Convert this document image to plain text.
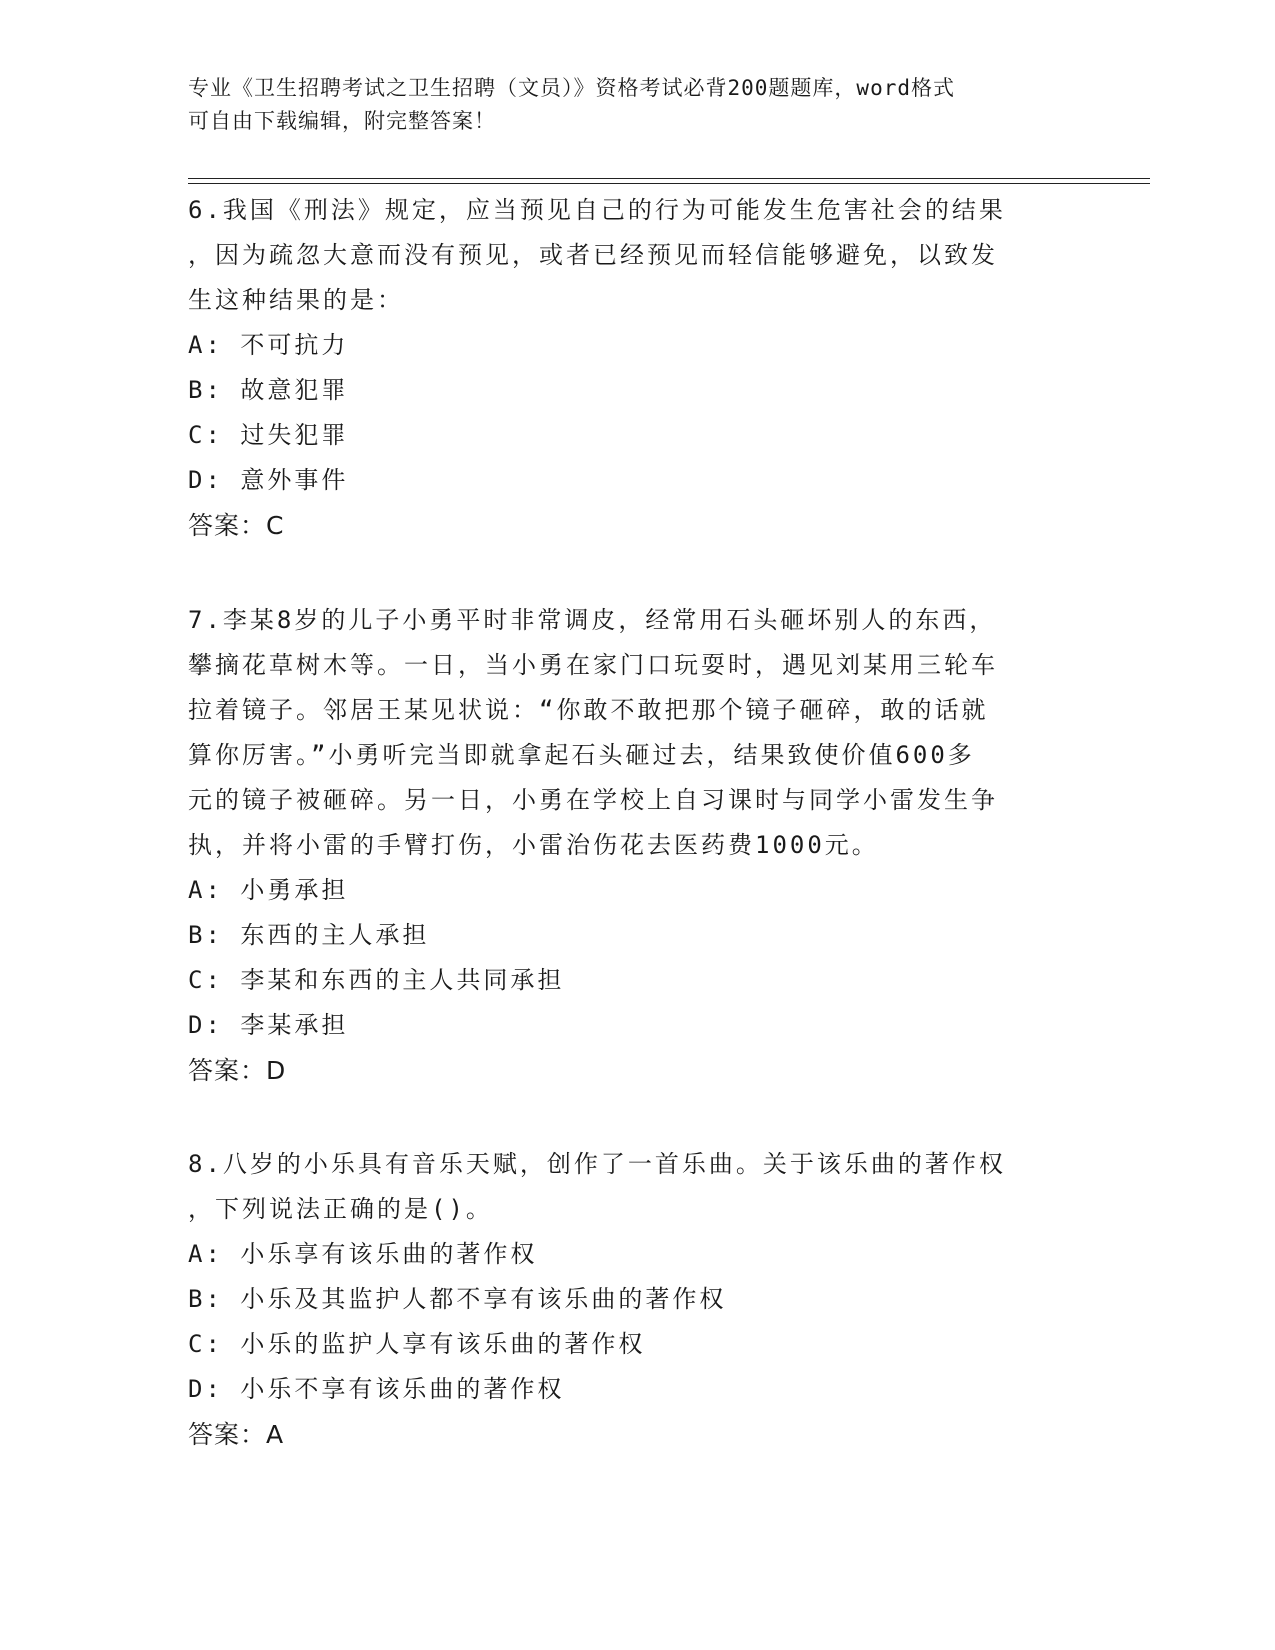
专业《卫生招聘考试之卫生招聘（文员）》资格考试必背200题题库，word格式
可自由下载编辑，附完整答案！

6.我国《刑法》规定，应当预见自己的行为可能发生危害社会的结果

，因为疏忽大意而没有预见，或者已经预见而轻信能够避免，以致发

生这种结果的是：

A: 不可抗力

B: 故意犯罪

C: 过失犯罪

D: 意外事件

答案：C

7.李某8岁的儿子小勇平时非常调皮，经常用石头砸坏别人的东西，

攀摘花草树木等。一日，当小勇在家门口玩耍时，遇见刘某用三轮车

拉着镜子。邻居王某见状说：“你敢不敢把那个镜子砸碎，敢的话就

算你厉害。”小勇听完当即就拿起石头砸过去，结果致使价值600多

元的镜子被砸碎。另一日，小勇在学校上自习课时与同学小雷发生争

执，并将小雷的手臂打伤，小雷治伤花去医药费1000元。

A: 小勇承担

B: 东西的主人承担

C: 李某和东西的主人共同承担

D: 李某承担

答案：D

8.八岁的小乐具有音乐天赋，创作了一首乐曲。关于该乐曲的著作权

，下列说法正确的是()。

A: 小乐享有该乐曲的著作权

B: 小乐及其监护人都不享有该乐曲的著作权

C: 小乐的监护人享有该乐曲的著作权

D: 小乐不享有该乐曲的著作权

答案：A
